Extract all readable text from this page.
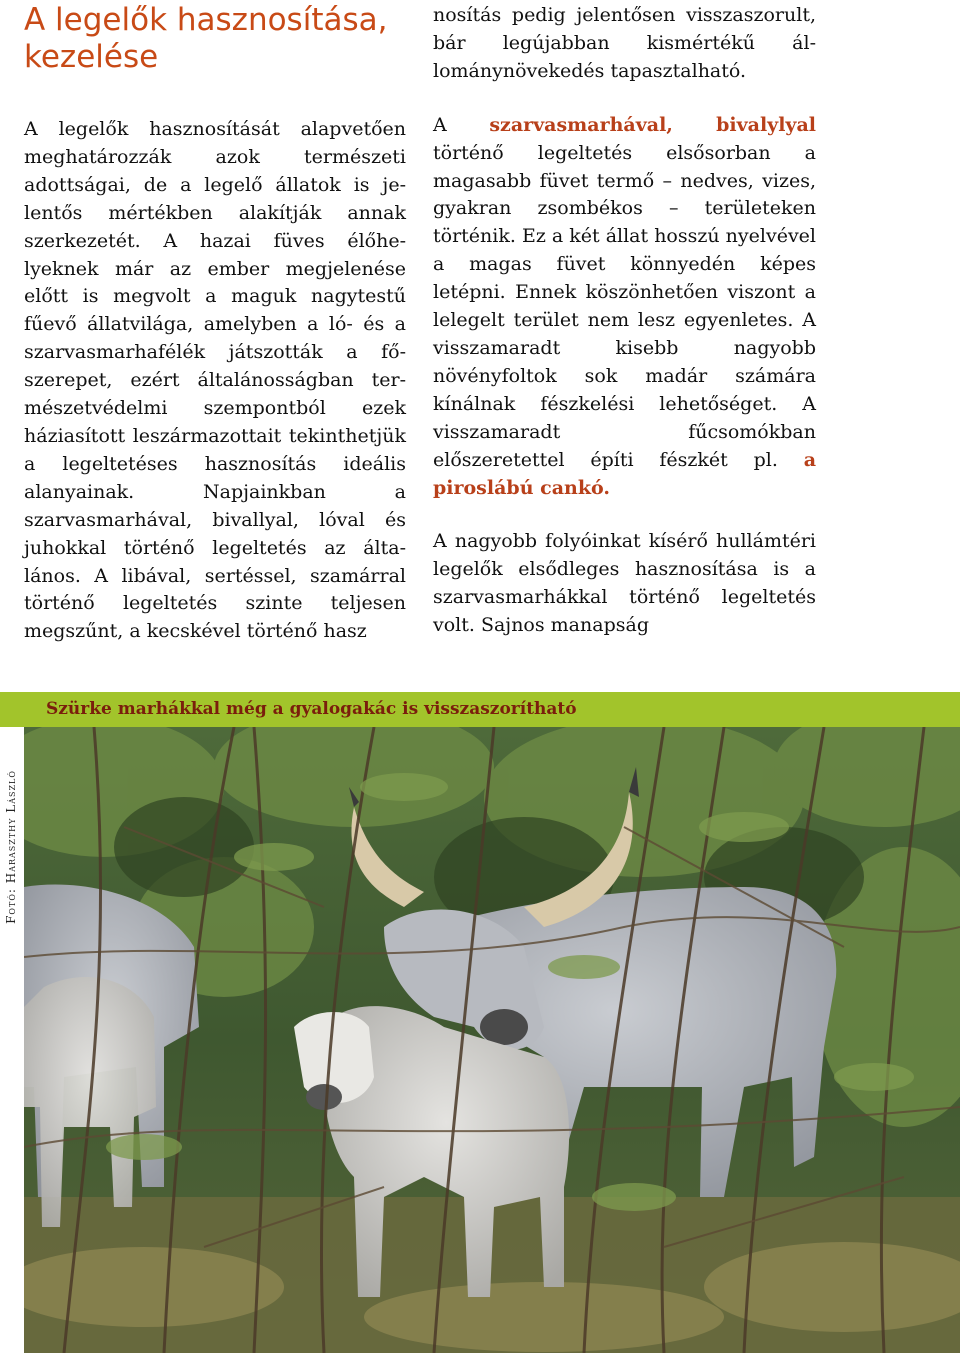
A legelők hasznosítása, kezelése

A legelők hasznosítását alapvetően meghatározzák azok természeti adottságai, de a legelő állatok is jelentős mértékben alakítják annak szerkezetét. A hazai füves élőhelyeknek már az ember megjelenése előtt is megvolt a maguk nagytestű fűevő állatvilága, amelyben a ló- és a szarvasmarhafélék játszották a főszerepet, ezért általánosságban természetvédelmi szempontból ezek háziasított leszármazottait tekinthetjük a legeltetéses hasznosítás ideális alanyainak. Napjainkban a szarvasmarhával, bivallyal, lóval és juhokkal történő legeltetés az általános. A libával, sertéssel, szamárral történő legeltetés szinte teljesen megszűnt, a kecskével történő hasz

nosítás pedig jelentősen visszaszorult, bár legújabban kismértékű állománynövekedés tapasztalható.

A szarvasmarhával, bivalylyal történő legeltetés elsősorban a magasabb füvet termő – nedves, vizes, gyakran zsombékos – területeken történik. Ez a két állat hosszú nyelvével a magas füvet könnyedén képes letépni. Ennek köszönhetően viszont a lelegelt terület nem lesz egyenletes. A visszamaradt kisebb nagyobb növényfoltok sok madár számára kínálnak fészkelési lehetőséget. A visszamaradt fűcsomókban előszeretettel építi fészkét pl. a piroslábú cankó.

A nagyobb folyóinkat kísérő hullámtéri legelők elsődleges hasznosítása is a szarvasmarhákkal történő legeltetés volt. Sajnos manapság

Szürke marhákkal még a gyalogakác is visszaszorítható
Fotó: Haraszthy László
